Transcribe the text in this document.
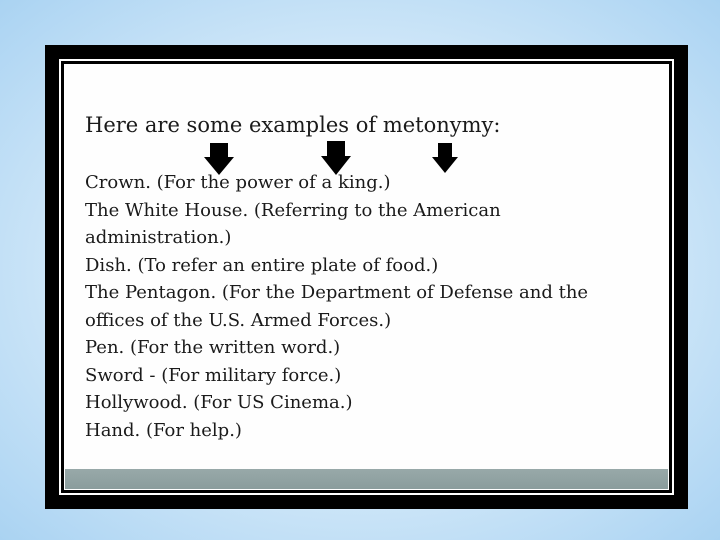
Here are some examples of metonymy:
Crown. (For the power of a king.)
The White House. (Referring to the American administration.)
Dish. (To refer an entire plate of food.)
The Pentagon. (For the Department of Defense and the offices of the U.S. Armed Forces.)
Pen. (For the written word.)
Sword - (For military force.)
Hollywood. (For US Cinema.)
Hand. (For help.)
